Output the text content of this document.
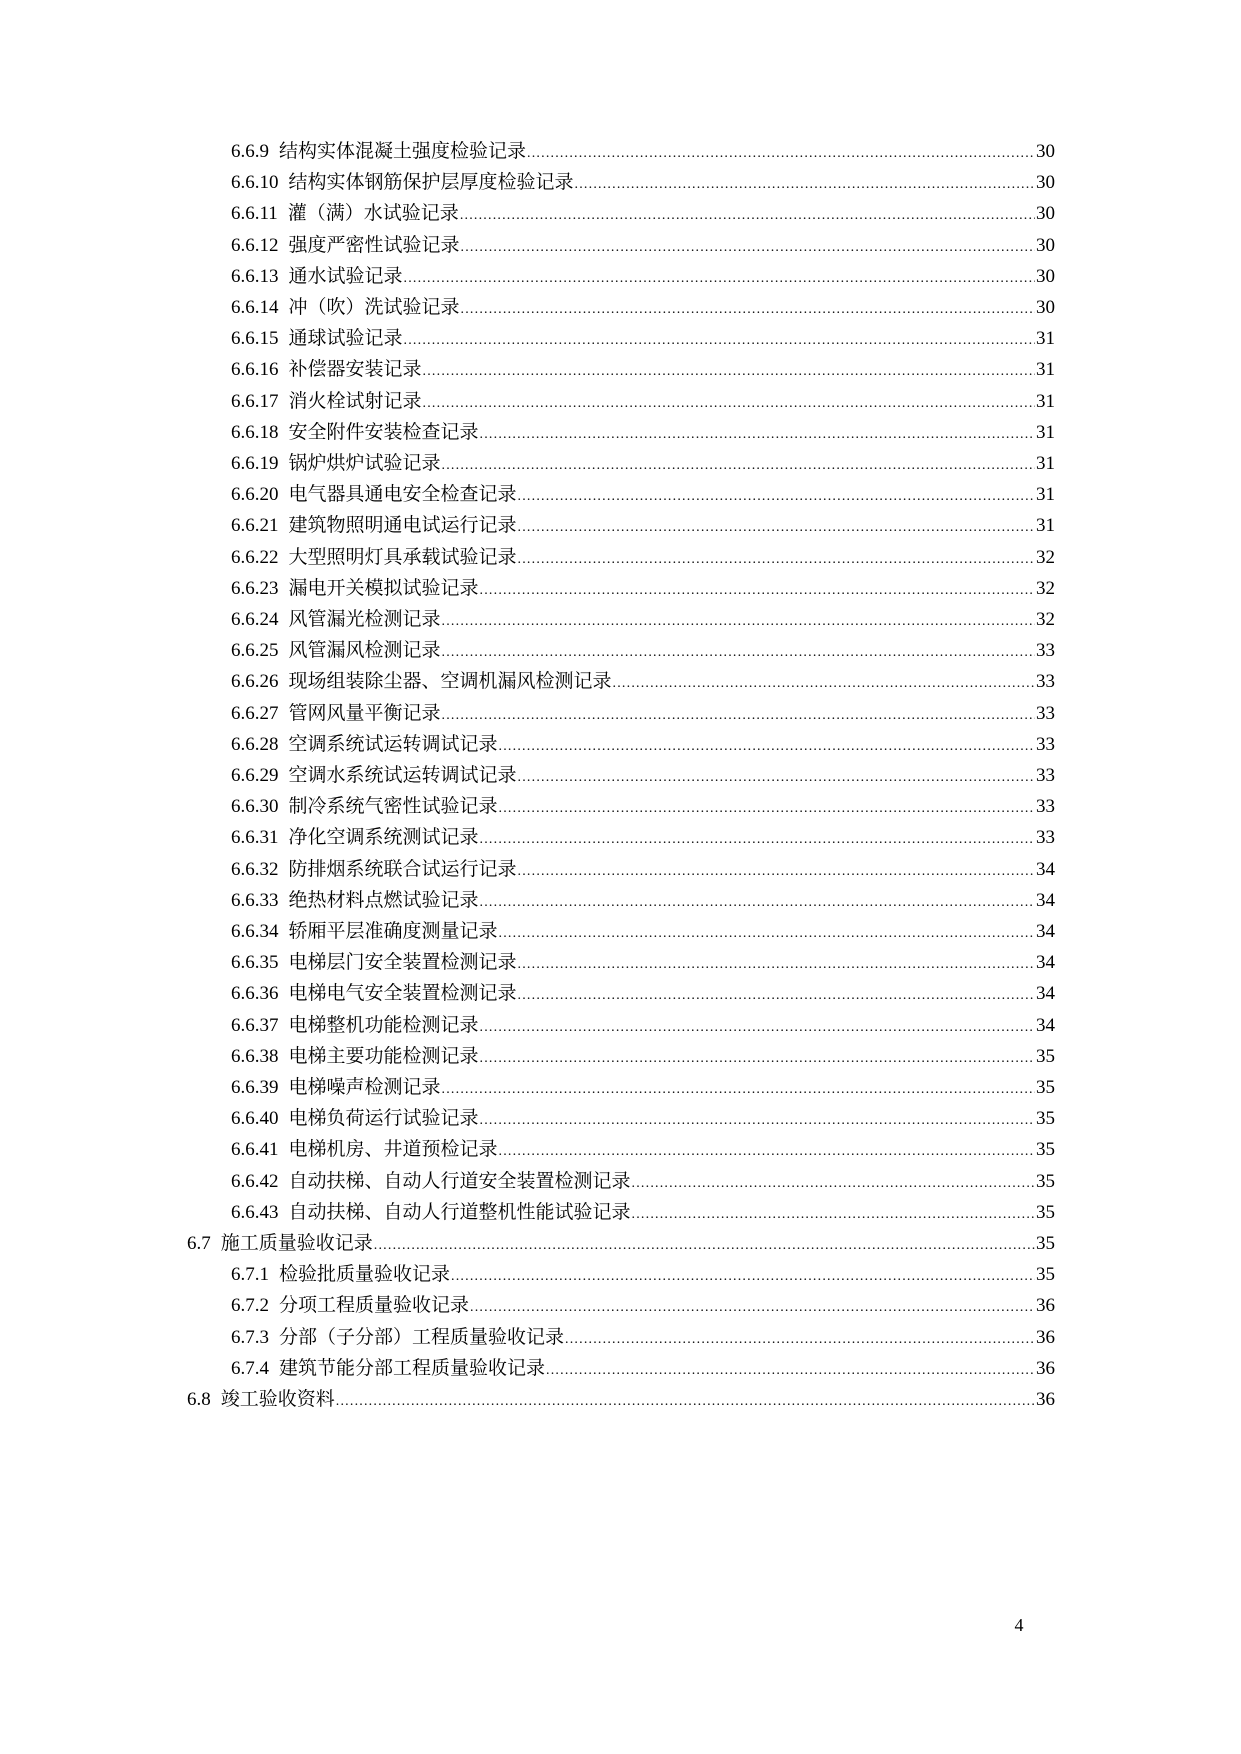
6.6.9 结构实体混凝土强度检验记录 .....	30
6.6.10 结构实体钢筋保护层厚度检验记录 .....	30
6.6.11 灌（满）水试验记录 .....	30
6.6.12 强度严密性试验记录 .....	30
6.6.13 通水试验记录 .....	30
6.6.14 冲（吹）洗试验记录 .....	30
6.6.15 通球试验记录 .....	31
6.6.16 补偿器安装记录 .....	31
6.6.17 消火栓试射记录 .....	31
6.6.18 安全附件安装检查记录 .....	31
6.6.19 锅炉烘炉试验记录 .....	31
6.6.20 电气器具通电安全检查记录 .....	31
6.6.21 建筑物照明通电试运行记录 .....	31
6.6.22 大型照明灯具承载试验记录 .....	32
6.6.23 漏电开关模拟试验记录 .....	32
6.6.24 风管漏光检测记录 .....	32
6.6.25 风管漏风检测记录 .....	33
6.6.26 现场组装除尘器、空调机漏风检测记录 .....	33
6.6.27 管网风量平衡记录 .....	33
6.6.28 空调系统试运转调试记录 .....	33
6.6.29 空调水系统试运转调试记录 .....	33
6.6.30 制冷系统气密性试验记录 .....	33
6.6.31 净化空调系统测试记录 .....	33
6.6.32 防排烟系统联合试运行记录 .....	34
6.6.33 绝热材料点燃试验记录 .....	34
6.6.34 轿厢平层准确度测量记录 .....	34
6.6.35 电梯层门安全装置检测记录 .....	34
6.6.36 电梯电气安全装置检测记录 .....	34
6.6.37 电梯整机功能检测记录 .....	34
6.6.38 电梯主要功能检测记录 .....	35
6.6.39 电梯噪声检测记录 .....	35
6.6.40 电梯负荷运行试验记录 .....	35
6.6.41 电梯机房、井道预检记录 .....	35
6.6.42 自动扶梯、自动人行道安全装置检测记录 .....	35
6.6.43 自动扶梯、自动人行道整机性能试验记录 .....	35
6.7 施工质量验收记录 .....	35
6.7.1 检验批质量验收记录 .....	35
6.7.2 分项工程质量验收记录 .....	36
6.7.3 分部（子分部）工程质量验收记录 .....	36
6.7.4 建筑节能分部工程质量验收记录 .....	36
6.8 竣工验收资料 .....	36
4
